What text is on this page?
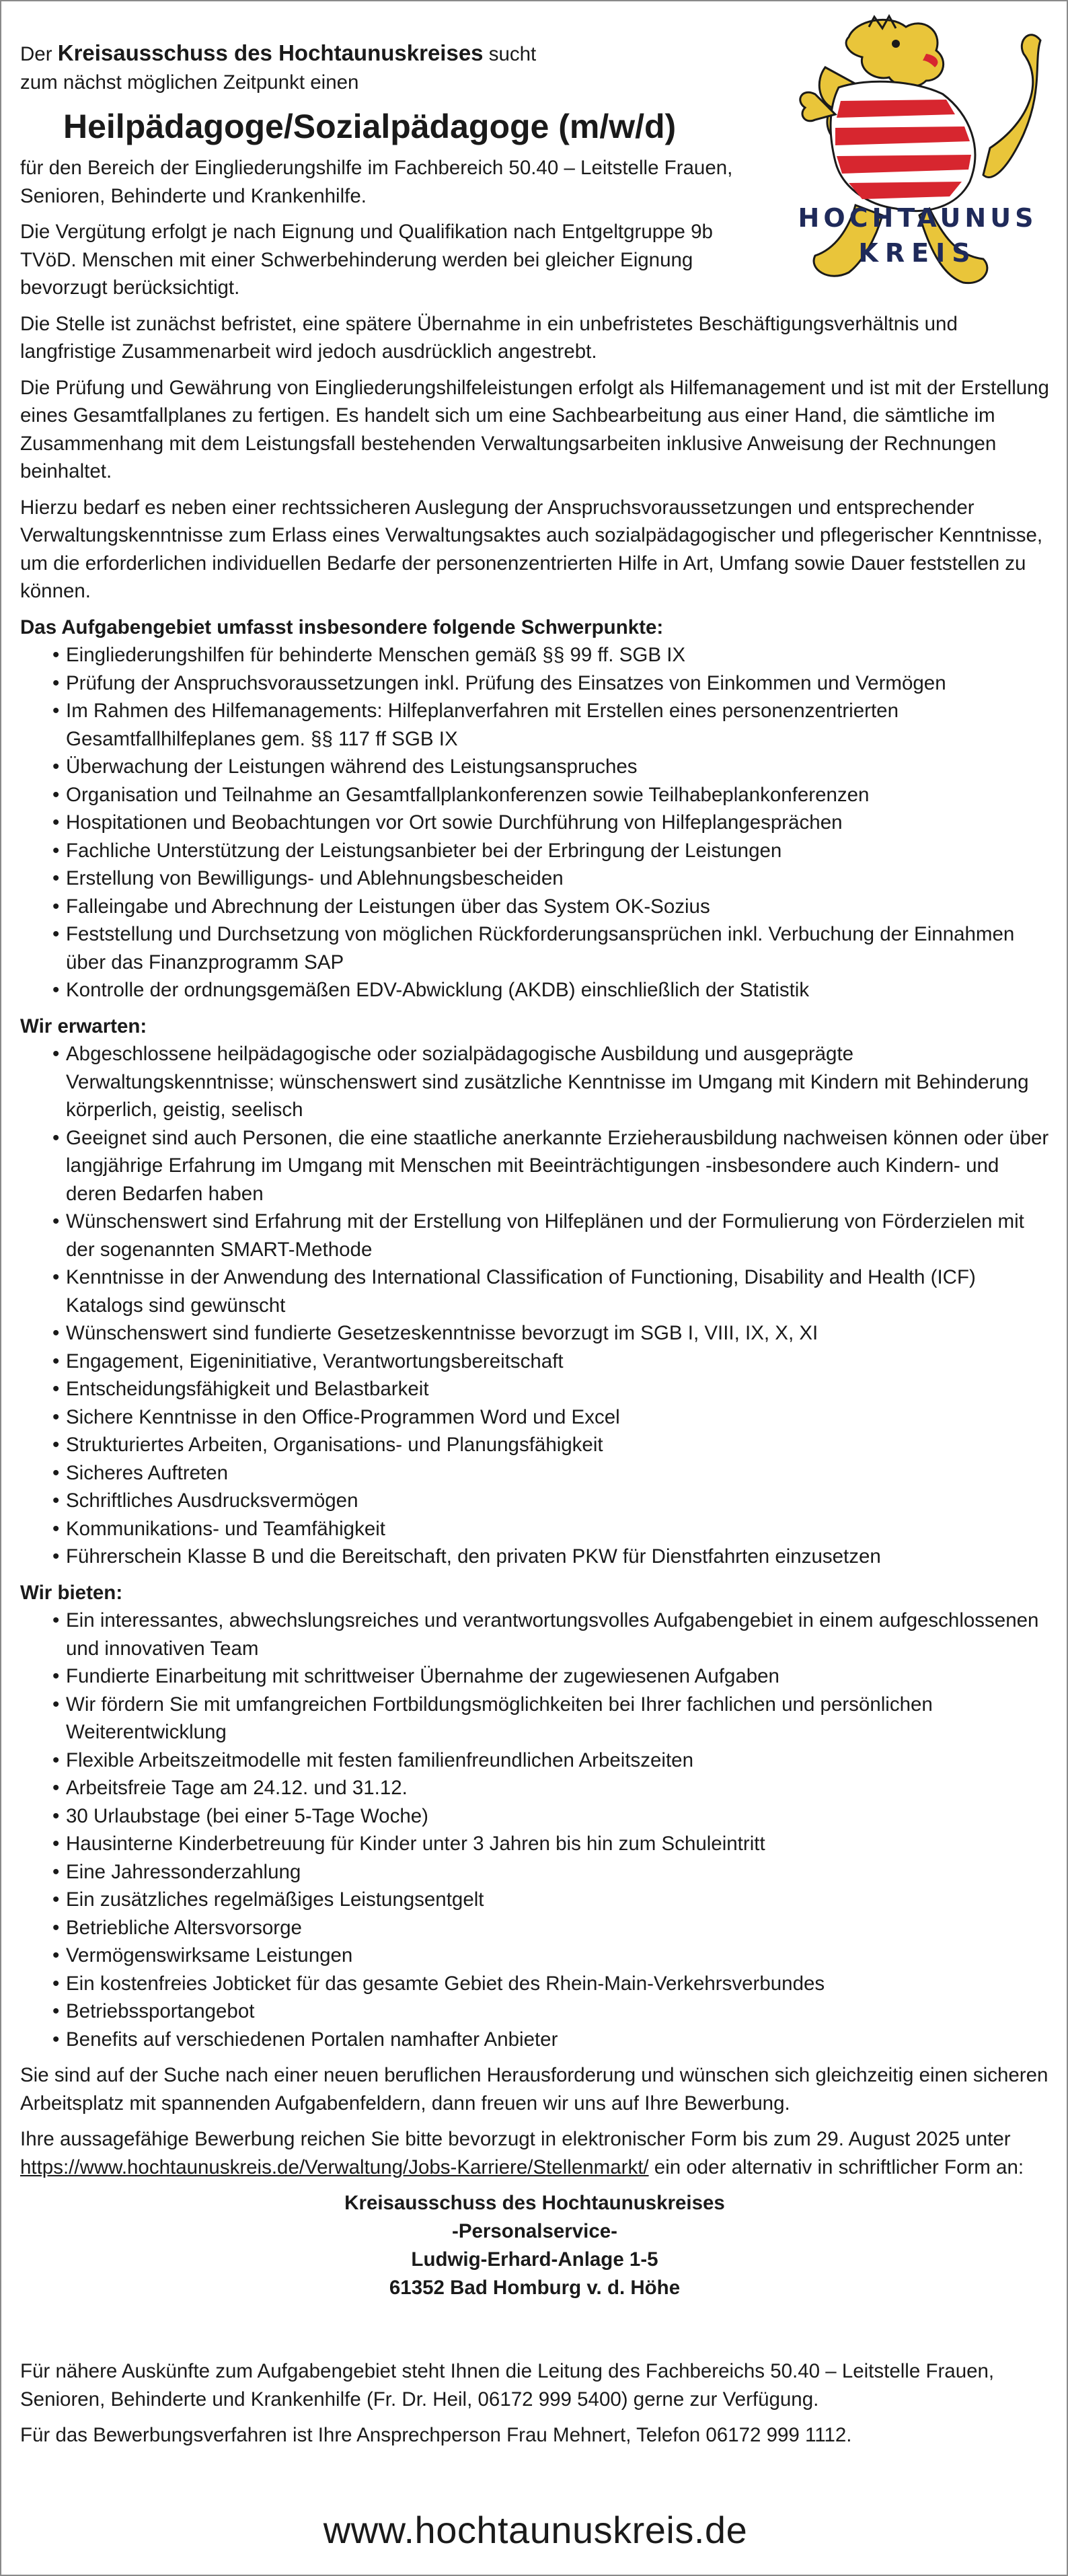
HOCHTAUNUS
KREIS

Der Kreisausschuss des Hochtaunuskreises sucht
zum nächst möglichen Zeitpunkt einen

Heilpädagoge/Sozialpädagoge (m/w/d)

für den Bereich der Eingliederungshilfe im Fachbereich 50.40 – Leitstelle Frauen, Senioren, Behinderte und Krankenhilfe.

Die Vergütung erfolgt je nach Eignung und Qualifikation nach Entgeltgruppe 9b TVöD. Menschen mit einer Schwerbehinderung werden bei gleicher Eignung bevorzugt berücksichtigt.

Die Stelle ist zunächst befristet, eine spätere Übernahme in ein unbefristetes Beschäftigungsverhältnis und langfristige Zusammenarbeit wird jedoch ausdrücklich angestrebt.

Die Prüfung und Gewährung von Eingliederungshilfeleistungen erfolgt als Hilfemanagement und ist mit der Erstellung eines Gesamtfallplanes zu fertigen. Es handelt sich um eine Sachbearbeitung aus einer Hand, die sämtliche im Zusammenhang mit dem Leistungsfall bestehenden Verwaltungsarbeiten inklusive Anweisung der Rechnungen beinhaltet.

Hierzu bedarf es neben einer rechtssicheren Auslegung der Anspruchsvoraussetzungen und entsprechender Verwaltungskenntnisse zum Erlass eines Verwaltungsaktes auch sozialpädagogischer und pflegerischer Kenntnisse, um die erforderlichen individuellen Bedarfe der personenzentrierten Hilfe in Art, Umfang sowie Dauer feststellen zu können.

Das Aufgabengebiet umfasst insbesondere folgende Schwerpunkte:
• Eingliederungshilfen für behinderte Menschen gemäß §§ 99 ff. SGB IX
• Prüfung der Anspruchsvoraussetzungen inkl. Prüfung des Einsatzes von Einkommen und Vermögen
• Im Rahmen des Hilfemanagements: Hilfeplanverfahren mit Erstellen eines personenzentrierten Gesamtfallhilfeplanes gem. §§ 117 ff SGB IX
• Überwachung der Leistungen während des Leistungsanspruches
• Organisation und Teilnahme an Gesamtfallplankonferenzen sowie Teilhabeplankonferenzen
• Hospitationen und Beobachtungen vor Ort sowie Durchführung von Hilfeplangesprächen
• Fachliche Unterstützung der Leistungsanbieter bei der Erbringung der Leistungen
• Erstellung von Bewilligungs- und Ablehnungsbescheiden
• Falleingabe und Abrechnung der Leistungen über das System OK-Sozius
• Feststellung und Durchsetzung von möglichen Rückforderungsansprüchen inkl. Verbuchung der Einnahmen über das Finanzprogramm SAP
• Kontrolle der ordnungsgemäßen EDV-Abwicklung (AKDB) einschließlich der Statistik
Wir erwarten:
• Abgeschlossene heilpädagogische oder sozialpädagogische Ausbildung und ausgeprägte Verwaltungskenntnisse; wünschenswert sind zusätzliche Kenntnisse im Umgang mit Kindern mit Behinderung körperlich, geistig, seelisch
• Geeignet sind auch Personen, die eine staatliche anerkannte Erzieherausbildung nachweisen können oder über langjährige Erfahrung im Umgang mit Menschen mit Beeinträchtigungen -insbesondere auch Kindern- und deren Bedarfen haben
• Wünschenswert sind Erfahrung mit der Erstellung von Hilfeplänen und der Formulierung von Förderzielen mit der sogenannten SMART-Methode
• Kenntnisse in der Anwendung des International Classification of Functioning, Disability and Health (ICF) Katalogs sind gewünscht
• Wünschenswert sind fundierte Gesetzeskenntnisse bevorzugt im SGB I, VIII, IX, X, XI
• Engagement, Eigeninitiative, Verantwortungsbereitschaft
• Entscheidungsfähigkeit und Belastbarkeit
• Sichere Kenntnisse in den Office-Programmen Word und Excel
• Strukturiertes Arbeiten, Organisations- und Planungsfähigkeit
• Sicheres Auftreten
• Schriftliches Ausdrucksvermögen
• Kommunikations- und Teamfähigkeit
• Führerschein Klasse B und die Bereitschaft, den privaten PKW für Dienstfahrten einzusetzen
Wir bieten:
• Ein interessantes, abwechslungsreiches und verantwortungsvolles Aufgabengebiet in einem aufgeschlossenen und innovativen Team
• Fundierte Einarbeitung mit schrittweiser Übernahme der zugewiesenen Aufgaben
• Wir fördern Sie mit umfangreichen Fortbildungsmöglichkeiten bei Ihrer fachlichen und persönlichen Weiterentwicklung
• Flexible Arbeitszeitmodelle mit festen familienfreundlichen Arbeitszeiten
• Arbeitsfreie Tage am 24.12. und 31.12.
• 30 Urlaubstage (bei einer 5-Tage Woche)
• Hausinterne Kinderbetreuung für Kinder unter 3 Jahren bis hin zum Schuleintritt
• Eine Jahressonderzahlung
• Ein zusätzliches regelmäßiges Leistungsentgelt
• Betriebliche Altersvorsorge
• Vermögenswirksame Leistungen
• Ein kostenfreies Jobticket für das gesamte Gebiet des Rhein-Main-Verkehrsverbundes
• Betriebssportangebot
• Benefits auf verschiedenen Portalen namhafter Anbieter

Sie sind auf der Suche nach einer neuen beruflichen Herausforderung und wünschen sich gleichzeitig einen sicheren Arbeitsplatz mit spannenden Aufgabenfeldern, dann freuen wir uns auf Ihre Bewerbung.

Ihre aussagefähige Bewerbung reichen Sie bitte bevorzugt in elektronischer Form bis zum 29. August 2025 unter https://www.hochtaunuskreis.de/Verwaltung/Jobs-Karriere/Stellenmarkt/ ein oder alternativ in schriftlicher Form an:

Kreisausschuss des Hochtaunuskreises
-Personalservice-
Ludwig-Erhard-Anlage 1-5
61352 Bad Homburg v. d. Höhe

Für nähere Auskünfte zum Aufgabengebiet steht Ihnen die Leitung des Fachbereichs 50.40 – Leitstelle Frauen, Senioren, Behinderte und Krankenhilfe (Fr. Dr. Heil, 06172 999 5400) gerne zur Verfügung.

Für das Bewerbungsverfahren ist Ihre Ansprechperson Frau Mehnert, Telefon 06172 999 1112.

www.hochtaunuskreis.de
